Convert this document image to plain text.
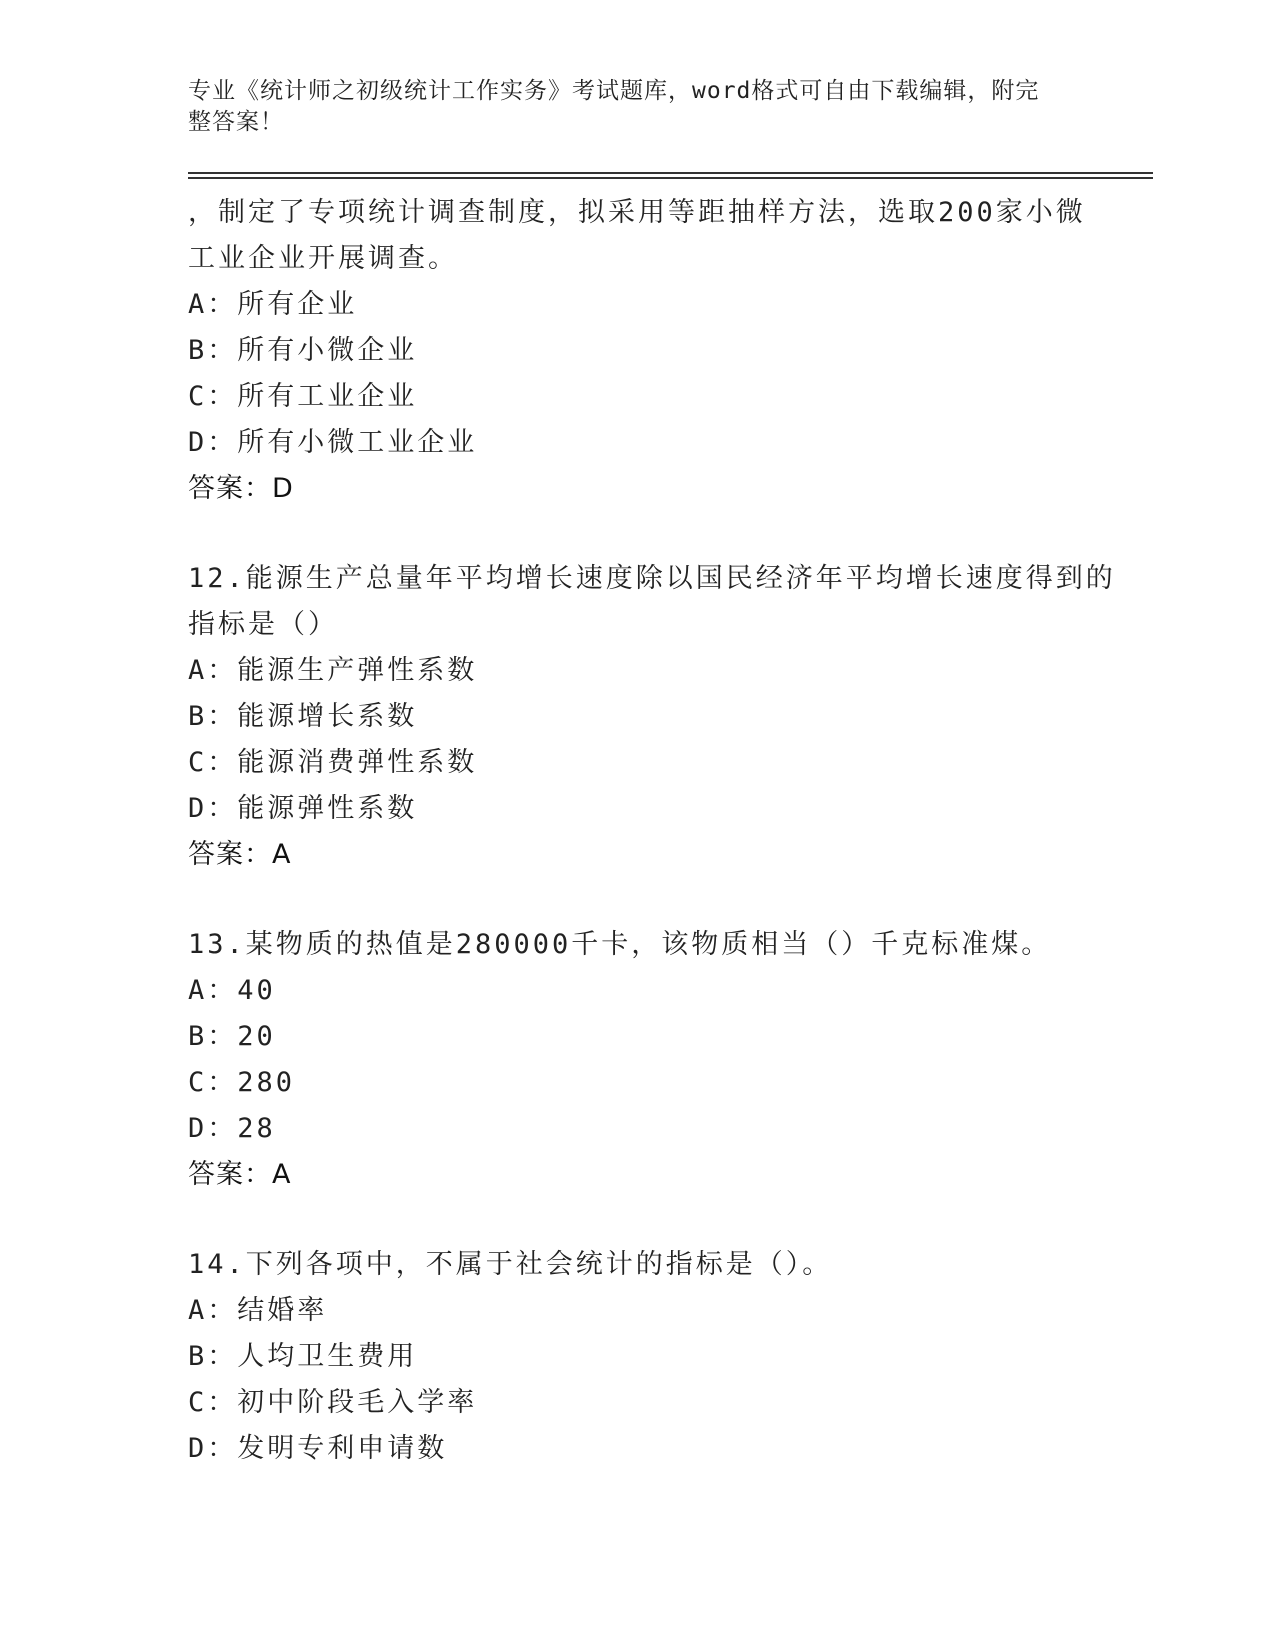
专业《统计师之初级统计工作实务》考试题库，word格式可自由下载编辑，附完
整答案！
，制定了专项统计调查制度，拟采用等距抽样方法，选取200家小微
工业企业开展调查。
A：所有企业
B：所有小微企业
C：所有工业企业
D：所有小微工业企业
答案：D
12.能源生产总量年平均增长速度除以国民经济年平均增长速度得到的
指标是（）
A：能源生产弹性系数
B：能源增长系数
C：能源消费弹性系数
D：能源弹性系数
答案：A
13.某物质的热值是280000千卡，该物质相当（）千克标准煤。
A：40
B：20
C：280
D：28
答案：A
14.下列各项中，不属于社会统计的指标是（）。
A：结婚率
B：人均卫生费用
C：初中阶段毛入学率
D：发明专利申请数
